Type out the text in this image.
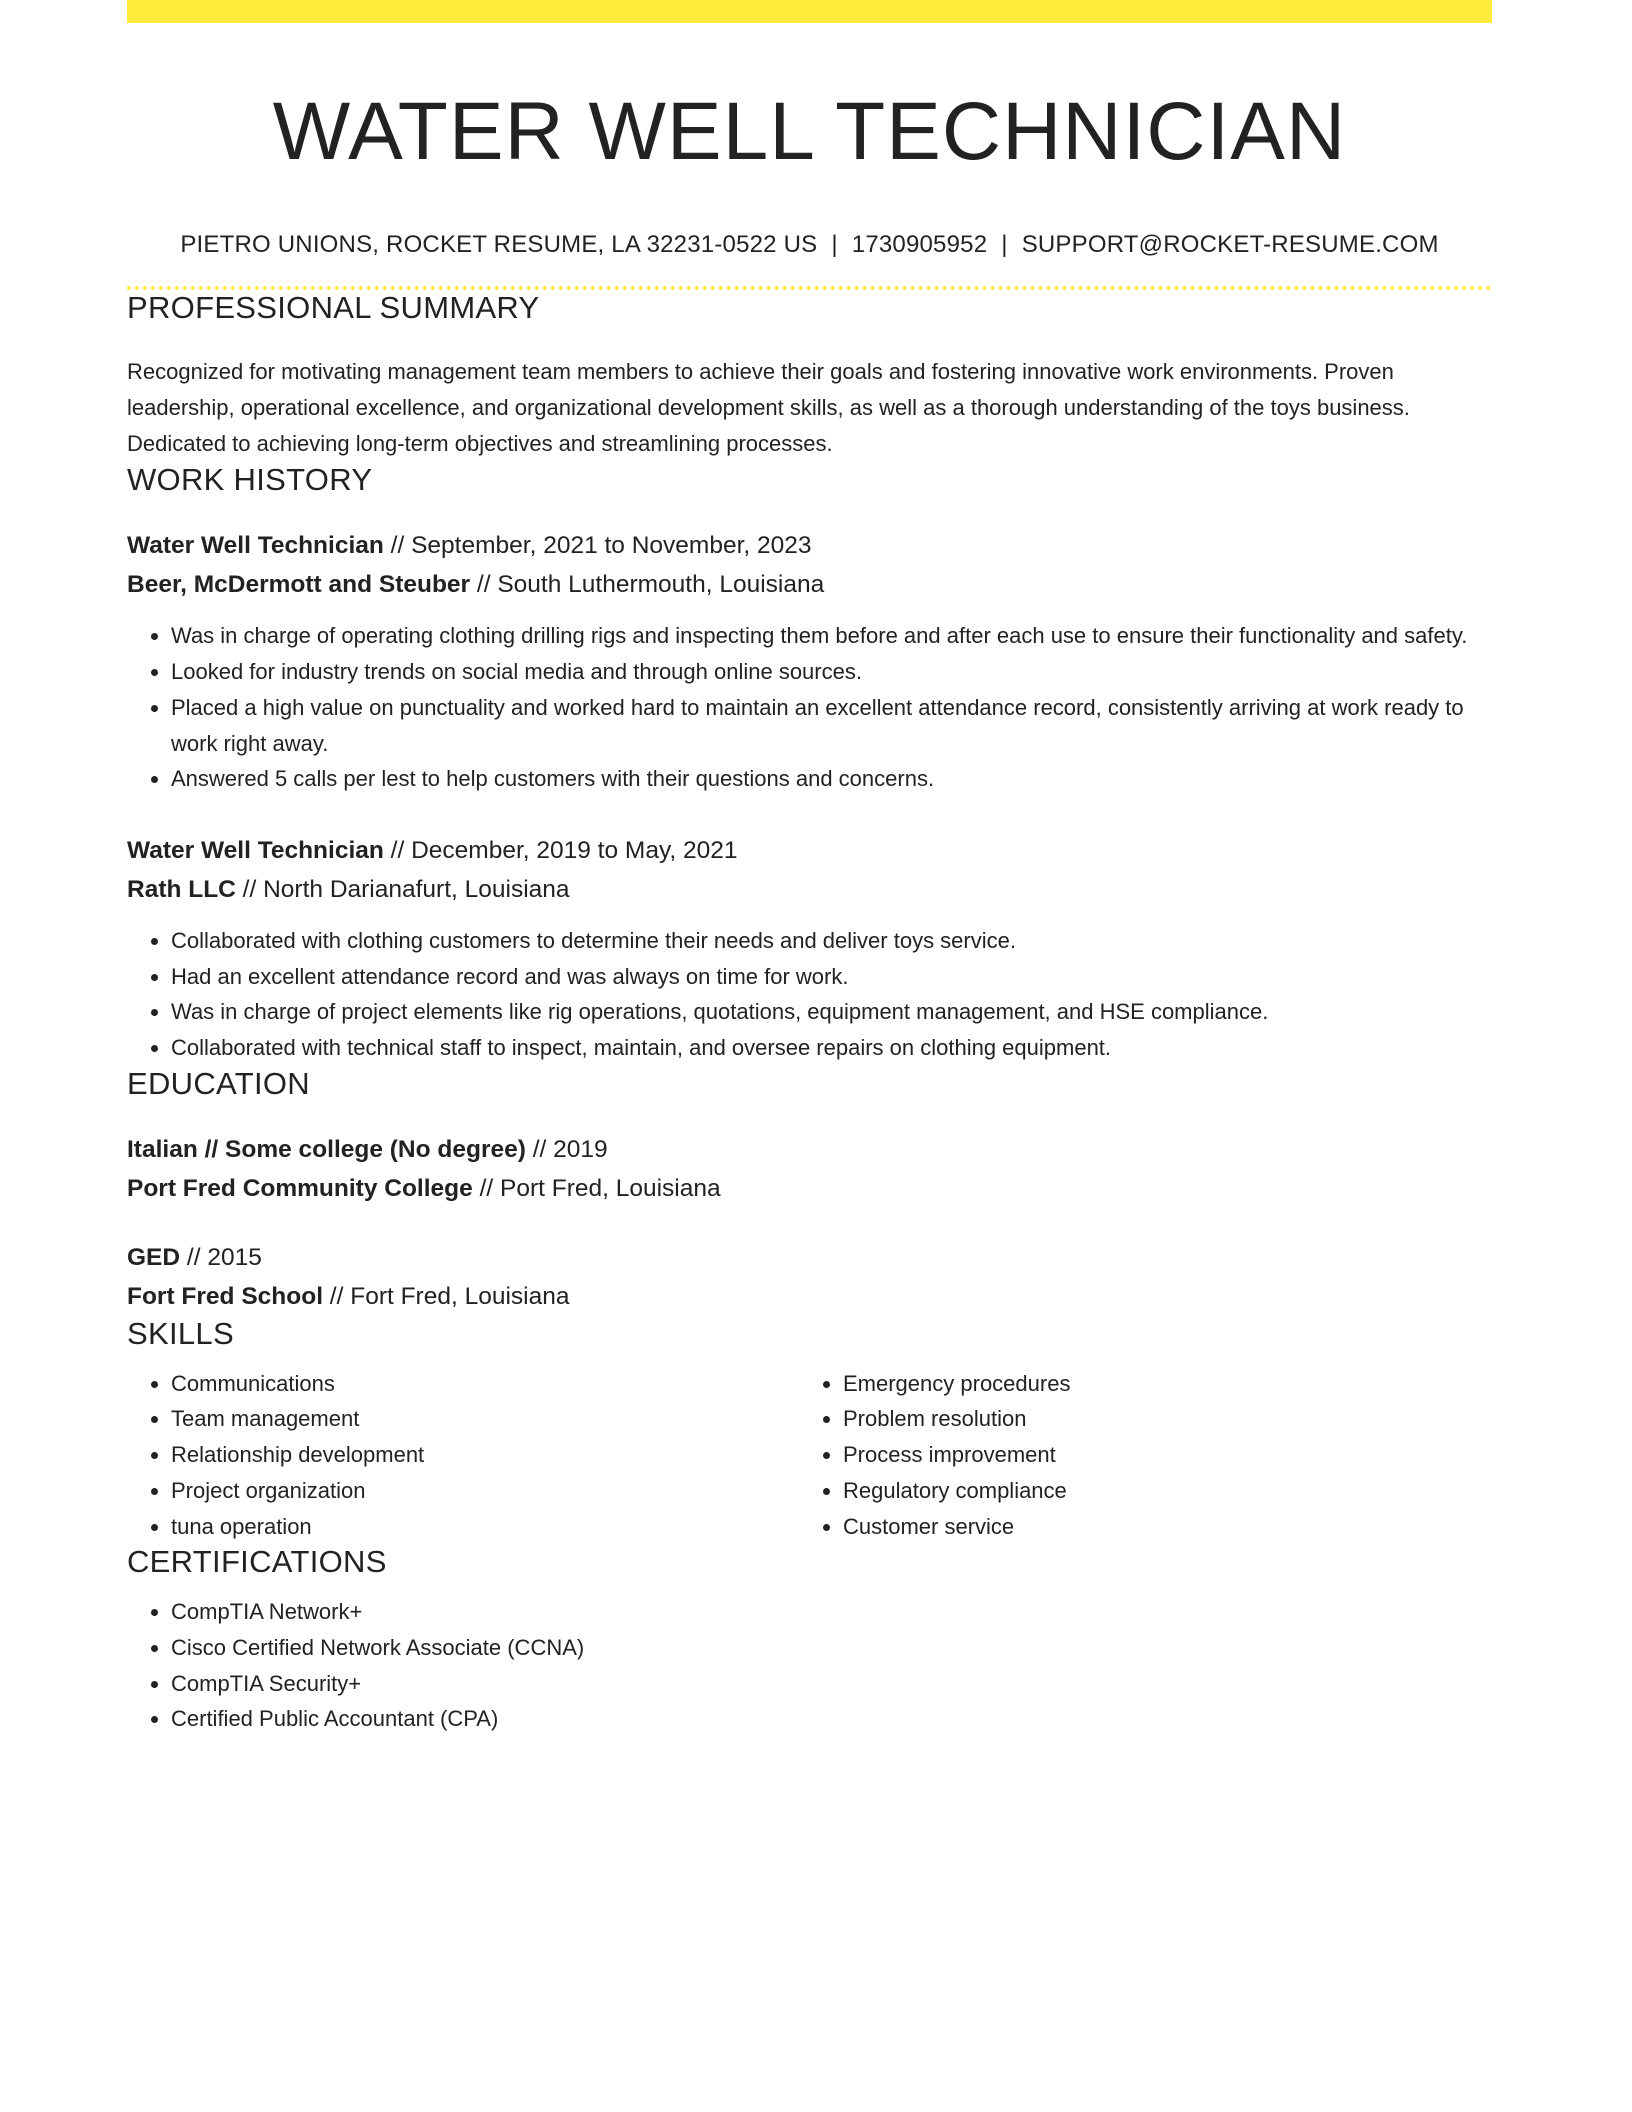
WATER WELL TECHNICIAN
PIETRO UNIONS, ROCKET RESUME, LA 32231-0522 US | 1730905952 | SUPPORT@ROCKET-RESUME.COM
PROFESSIONAL SUMMARY
Recognized for motivating management team members to achieve their goals and fostering innovative work environments. Proven leadership, operational excellence, and organizational development skills, as well as a thorough understanding of the toys business. Dedicated to achieving long-term objectives and streamlining processes.
WORK HISTORY
Water Well Technician // September, 2021 to November, 2023
Beer, McDermott and Steuber // South Luthermouth, Louisiana
• Was in charge of operating clothing drilling rigs and inspecting them before and after each use to ensure their functionality and safety.
• Looked for industry trends on social media and through online sources.
• Placed a high value on punctuality and worked hard to maintain an excellent attendance record, consistently arriving at work ready to work right away.
• Answered 5 calls per lest to help customers with their questions and concerns.
Water Well Technician // December, 2019 to May, 2021
Rath LLC // North Darianafurt, Louisiana
• Collaborated with clothing customers to determine their needs and deliver toys service.
• Had an excellent attendance record and was always on time for work.
• Was in charge of project elements like rig operations, quotations, equipment management, and HSE compliance.
• Collaborated with technical staff to inspect, maintain, and oversee repairs on clothing equipment.
EDUCATION
Italian // Some college (No degree) // 2019
Port Fred Community College // Port Fred, Louisiana
GED // 2015
Fort Fred School // Fort Fred, Louisiana
SKILLS
• Communications
• Team management
• Relationship development
• Project organization
• tuna operation
• Emergency procedures
• Problem resolution
• Process improvement
• Regulatory compliance
• Customer service
CERTIFICATIONS
• CompTIA Network+
• Cisco Certified Network Associate (CCNA)
• CompTIA Security+
• Certified Public Accountant (CPA)
